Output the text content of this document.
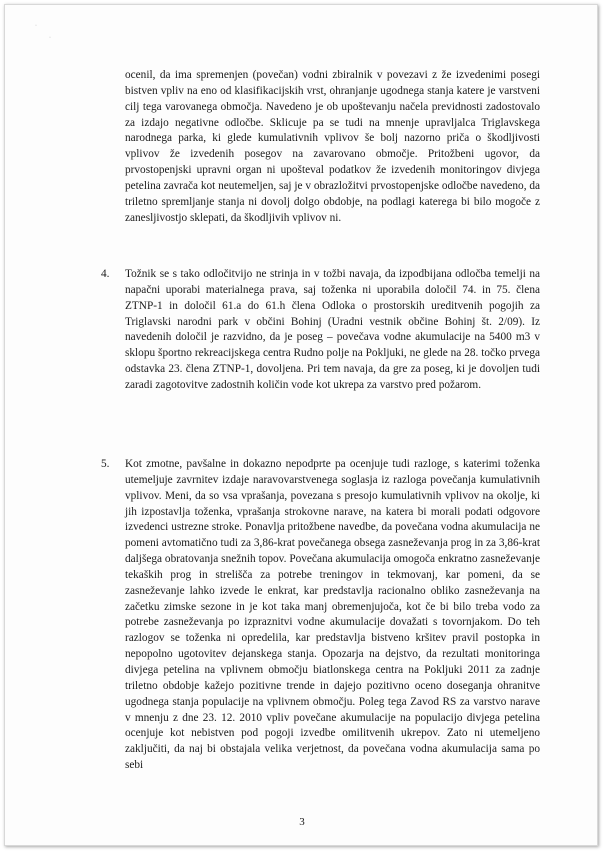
·
·

ocenil, da ima spremenjen (povečan) vodni zbiralnik v povezavi z že izvedenimi posegi bistven vpliv na eno od klasifikacijskih vrst, ohranjanje ugodnega stanja katere je varstveni cilj tega varovanega območja. Navedeno je ob upoštevanju načela previdnosti zadostovalo za izdajo negativne odločbe. Sklicuje pa se tudi na mnenje upravljalca Triglavskega narodnega parka, ki glede kumulativnih vplivov še bolj nazorno priča o škodljivosti vplivov že izvedenih posegov na zavarovano območje. Pritožbeni ugovor, da prvostopenjski upravni organ ni upošteval podatkov že izvedenih monitoringov divjega petelina zavrača kot neutemeljen, saj je v obrazložitvi prvostopenjske odločbe navedeno, da triletno spremljanje stanja ni dovolj dolgo obdobje, na podlagi katerega bi bilo mogoče z zanesljivostjo sklepati, da škodljivih vplivov ni.

4. Tožnik se s tako odločitvijo ne strinja in v tožbi navaja, da izpodbijana odločba temelji na napačni uporabi materialnega prava, saj toženka ni uporabila določil 74. in 75. člena ZTNP-1 in določil 61.a do 61.h člena Odloka o prostorskih ureditvenih pogojih za Triglavski narodni park v občini Bohinj (Uradni vestnik občine Bohinj št. 2/09). Iz navedenih določil je razvidno, da je poseg – povečava vodne akumulacije na 5400 m3 v sklopu športno rekreacijskega centra Rudno polje na Pokljuki, ne glede na 28. točko prvega odstavka 23. člena ZTNP-1, dovoljena. Pri tem navaja, da gre za poseg, ki je dovoljen tudi zaradi zagotovitve zadostnih količin vode kot ukrepa za varstvo pred požarom.

5. Kot zmotne, pavšalne in dokazno nepodprte pa ocenjuje tudi razloge, s katerimi toženka utemeljuje zavrnitev izdaje naravovarstvenega soglasja iz razloga povečanja kumulativnih vplivov. Meni, da so vsa vprašanja, povezana s presojo kumulativnih vplivov na okolje, ki jih izpostavlja toženka, vprašanja strokovne narave, na katera bi morali podati odgovore izvedenci ustrezne stroke. Ponavlja pritožbene navedbe, da povečana vodna akumulacija ne pomeni avtomatično tudi za 3,86-krat povečanega obsega zasneževanja prog in za 3,86-krat daljšega obratovanja snežnih topov. Povečana akumulacija omogoča enkratno zasneževanje tekaških prog in strelišča za potrebe treningov in tekmovanj, kar pomeni, da se zasneževanje lahko izvede le enkrat, kar predstavlja racionalno obliko zasneževanja na začetku zimske sezone in je kot taka manj obremenjujoča, kot če bi bilo treba vodo za potrebe zasneževanja po izpraznitvi vodne akumulacije dovažati s tovornjakom. Do teh razlogov se toženka ni opredelila, kar predstavlja bistveno kršitev pravil postopka in nepopolno ugotovitev dejanskega stanja. Opozarja na dejstvo, da rezultati monitoringa divjega petelina na vplivnem območju biatlonskega centra na Pokljuki 2011 za zadnje triletno obdobje kažejo pozitivne trende in dajejo pozitivno oceno doseganja ohranitve ugodnega stanja populacije na vplivnem območju. Poleg tega Zavod RS za varstvo narave v mnenju z dne 23. 12. 2010 vpliv povečane akumulacije na populacijo divjega petelina ocenjuje kot nebistven pod pogoji izvedbe omilitvenih ukrepov. Zato ni utemeljeno zaključiti, da naj bi obstajala velika verjetnost, da povečana vodna akumulacija sama po sebi

3
